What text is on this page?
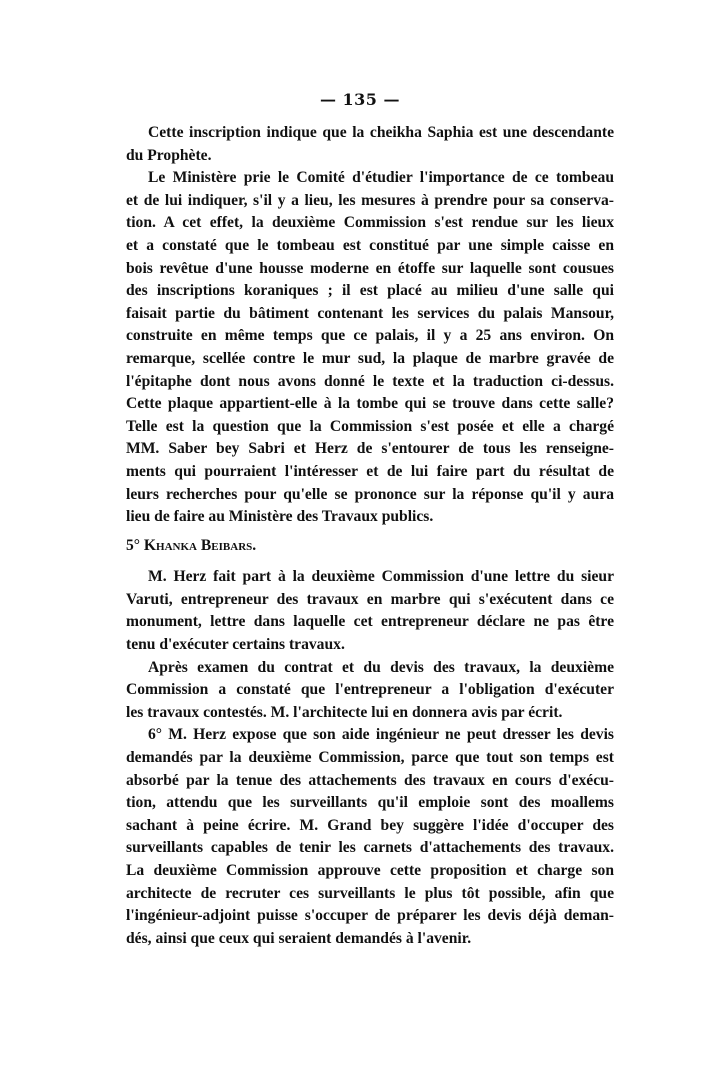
— 135 —
Cette inscription indique que la cheikha Saphia est une descendante
du Prophète.
Le Ministère prie le Comité d'étudier l'importance de ce tombeau
et de lui indiquer, s'il y a lieu, les mesures à prendre pour sa conserva-
tion. A cet effet, la deuxième Commission s'est rendue sur les lieux
et a constaté que le tombeau est constitué par une simple caisse en
bois revêtue d'une housse moderne en étoffe sur laquelle sont cousues
des inscriptions koraniques ; il est placé au milieu d'une salle qui
faisait partie du bâtiment contenant les services du palais Mansour,
construite en même temps que ce palais, il y a 25 ans environ. On
remarque, scellée contre le mur sud, la plaque de marbre gravée de
l'épitaphe dont nous avons donné le texte et la traduction ci-dessus.
Cette plaque appartient-elle à la tombe qui se trouve dans cette salle?
Telle est la question que la Commission s'est posée et elle a chargé
MM. Saber bey Sabri et Herz de s'entourer de tous les renseigne-
ments qui pourraient l'intéresser et de lui faire part du résultat de
leurs recherches pour qu'elle se prononce sur la réponse qu'il y aura
lieu de faire au Ministère des Travaux publics.
5° Khanka Beibars.
M. Herz fait part à la deuxième Commission d'une lettre du sieur
Varuti, entrepreneur des travaux en marbre qui s'exécutent dans ce
monument, lettre dans laquelle cet entrepreneur déclare ne pas être
tenu d'exécuter certains travaux.
Après examen du contrat et du devis des travaux, la deuxième
Commission a constaté que l'entrepreneur a l'obligation d'exécuter
les travaux contestés. M. l'architecte lui en donnera avis par écrit.
6° M. Herz expose que son aide ingénieur ne peut dresser les devis
demandés par la deuxième Commission, parce que tout son temps est
absorbé par la tenue des attachements des travaux en cours d'exécu-
tion, attendu que les surveillants qu'il emploie sont des moallems
sachant à peine écrire. M. Grand bey suggère l'idée d'occuper des
surveillants capables de tenir les carnets d'attachements des travaux.
La deuxième Commission approuve cette proposition et charge son
architecte de recruter ces surveillants le plus tôt possible, afin que
l'ingénieur-adjoint puisse s'occuper de préparer les devis déjà deman-
dés, ainsi que ceux qui seraient demandés à l'avenir.
